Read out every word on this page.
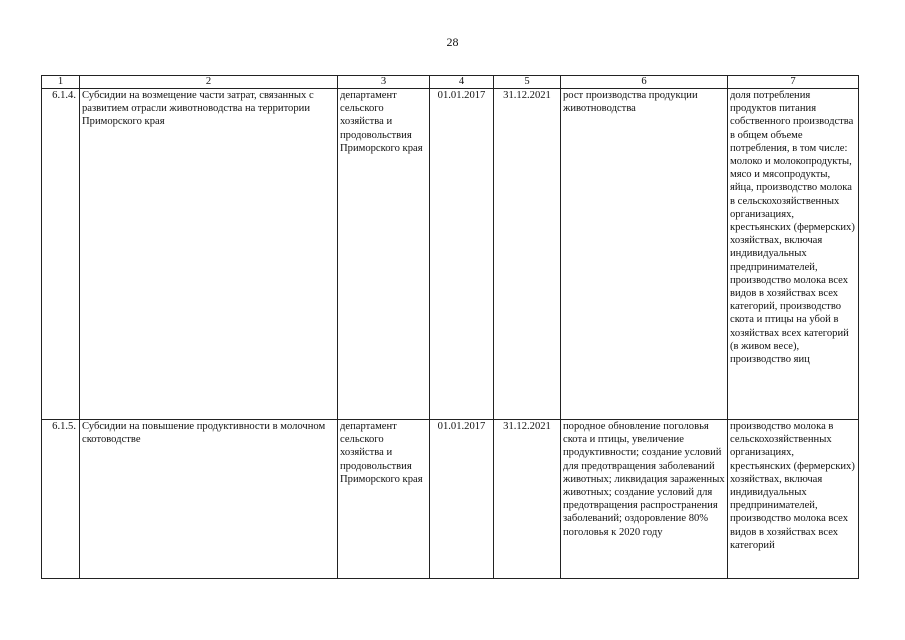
28
1	2	3	4	5	6	7
6.1.4.	Субсидии на возмещение части затрат, связанных с развитием отрасли животноводства на территории Приморского края	департамент сельского хозяйства и продовольствия Приморского края	01.01.2017	31.12.2021	рост производства продукции животноводства	доля потребления продуктов питания собственного производства в общем объеме потребления, в том числе: молоко и молокопродукты, мясо и мясопродукты, яйца, производство молока в сельскохозяйственных организациях, крестьянских (фермерских) хозяйствах, включая индивидуальных предпринимателей, производство молока всех видов в хозяйствах всех категорий, производство скота и птицы на убой в хозяйствах всех категорий (в живом весе), производство яиц
6.1.5.	Субсидии на повышение продуктивности в молочном скотоводстве	департамент сельского хозяйства и продовольствия Приморского края	01.01.2017	31.12.2021	породное обновление поголовья скота и птицы, увеличение продуктивности; создание условий для предотвращения заболеваний животных; ликвидация зараженных животных; создание условий для предотвращения распространения заболеваний; оздоровление 80% поголовья к 2020 году	производство молока в сельскохозяйственных организациях, крестьянских (фермерских) хозяйствах, включая индивидуальных предпринимателей, производство молока всех видов в хозяйствах всех категорий
